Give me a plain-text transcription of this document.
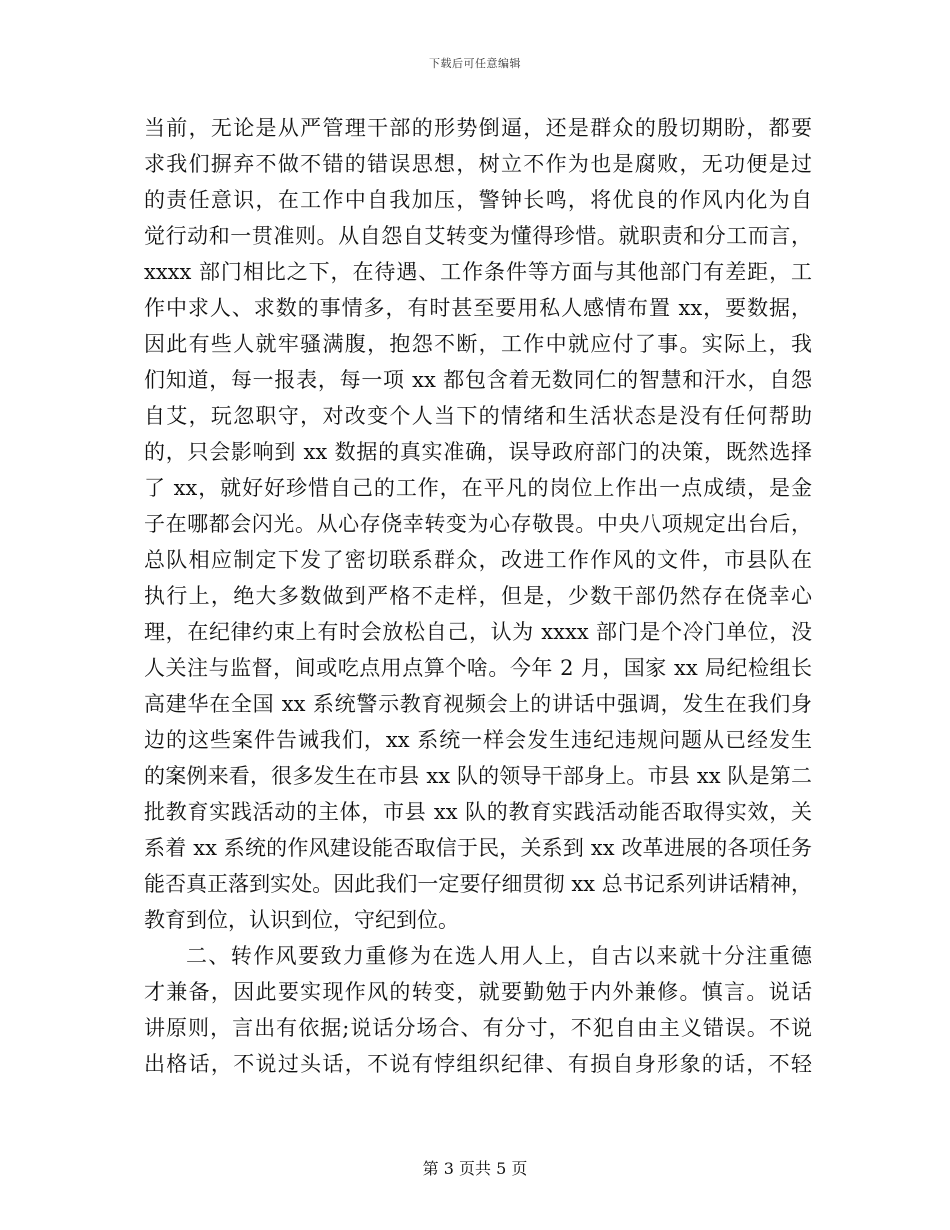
下载后可任意编辑
当前，无论是从严管理干部的形势倒逼，还是群众的殷切期盼，都要
求我们摒弃不做不错的错误思想，树立不作为也是腐败，无功便是过
的责任意识，在工作中自我加压，警钟长鸣，将优良的作风内化为自
觉行动和一贯准则。从自怨自艾转变为懂得珍惜。就职责和分工而言，
xxxx 部门相比之下，在待遇、工作条件等方面与其他部门有差距，工
作中求人、求数的事情多，有时甚至要用私人感情布置 xx，要数据，
因此有些人就牢骚满腹，抱怨不断，工作中就应付了事。实际上，我
们知道，每一报表，每一项 xx 都包含着无数同仁的智慧和汗水，自怨
自艾，玩忽职守，对改变个人当下的情绪和生活状态是没有任何帮助
的，只会影响到 xx 数据的真实准确，误导政府部门的决策，既然选择
了 xx，就好好珍惜自己的工作，在平凡的岗位上作出一点成绩，是金
子在哪都会闪光。从心存侥幸转变为心存敬畏。中央八项规定出台后，
总队相应制定下发了密切联系群众，改进工作作风的文件，市县队在
执行上，绝大多数做到严格不走样，但是，少数干部仍然存在侥幸心
理，在纪律约束上有时会放松自己，认为 xxxx 部门是个冷门单位，没
人关注与监督，间或吃点用点算个啥。今年 2 月，国家 xx 局纪检组长
高建华在全国 xx 系统警示教育视频会上的讲话中强调，发生在我们身
边的这些案件告诫我们，xx 系统一样会发生违纪违规问题从已经发生
的案例来看，很多发生在市县 xx 队的领导干部身上。市县 xx 队是第二
批教育实践活动的主体，市县 xx 队的教育实践活动能否取得实效，关
系着 xx 系统的作风建设能否取信于民，关系到 xx 改革进展的各项任务
能否真正落到实处。因此我们一定要仔细贯彻 xx 总书记系列讲话精神，
教育到位，认识到位，守纪到位。
二、转作风要致力重修为在选人用人上，自古以来就十分注重德
才兼备，因此要实现作风的转变，就要勤勉于内外兼修。慎言。说话
讲原则，言出有依据;说话分场合、有分寸，不犯自由主义错误。不说
出格话，不说过头话，不说有悖组织纪律、有损自身形象的话，不轻
第 3 页共 5 页
